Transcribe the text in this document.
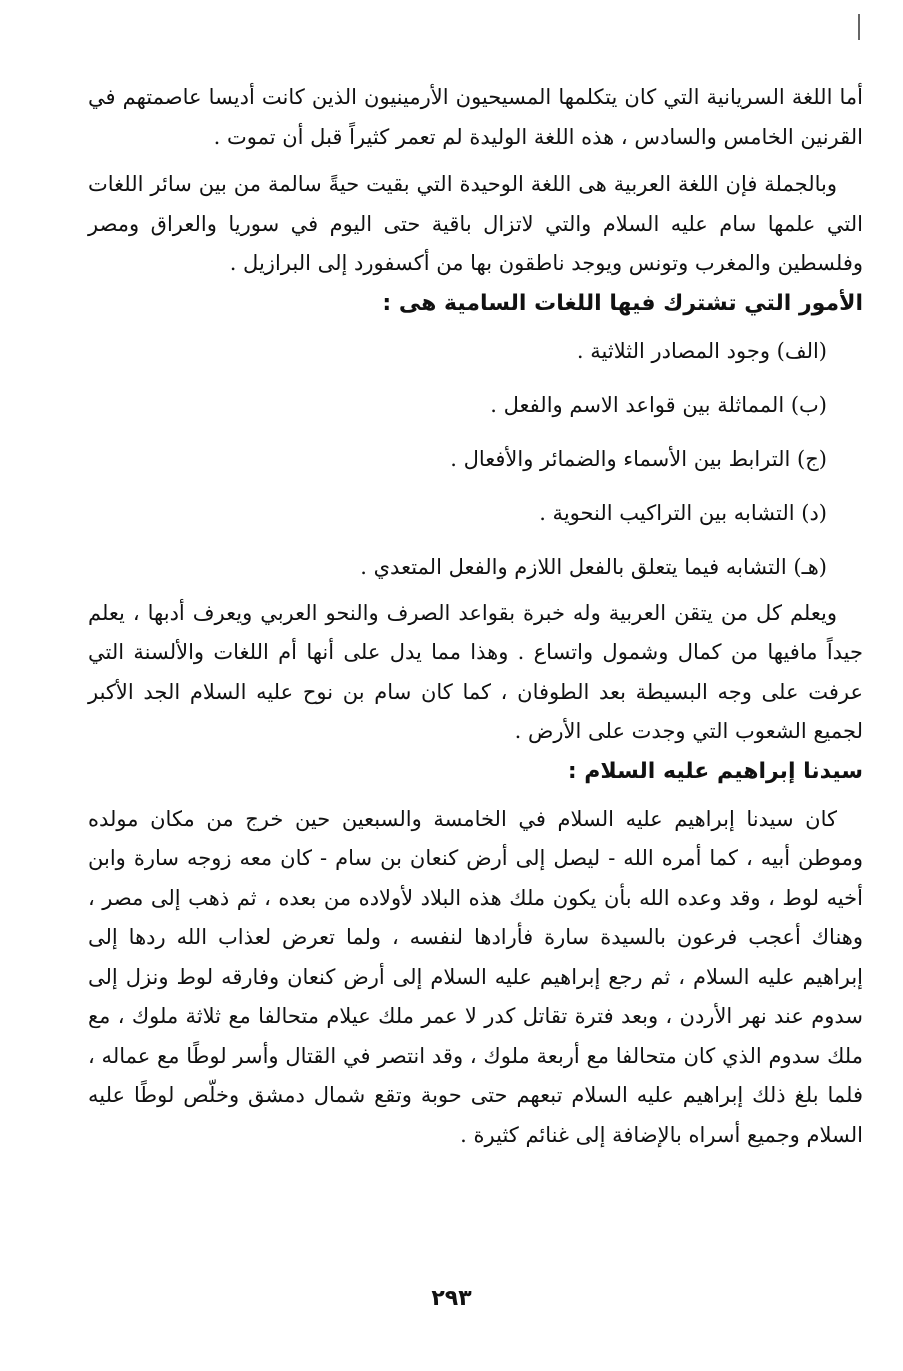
أما اللغة السريانية التي كان يتكلمها المسيحيون الأرمينيون الذين كانت أديسا عاصمتهم في القرنين الخامس والسادس ، هذه اللغة الوليدة لم تعمر كثيراً قبل أن تموت .

وبالجملة فإن اللغة العربية هى اللغة الوحيدة التي بقيت حيةً سالمة من بين سائر اللغات التي علمها سام عليه السلام والتي لاتزال باقية حتى اليوم في سوريا والعراق ومصر وفلسطين والمغرب وتونس ويوجد ناطقون بها من أكسفورد إلى البرازيل .

الأمور التي تشترك فيها اللغات السامية هى :
(الف) وجود المصادر الثلاثية .
(ب) المماثلة بين قواعد الاسم والفعل .
(ج) الترابط بين الأسماء والضمائر والأفعال .
(د) التشابه بين التراكيب النحوية .
(هـ) التشابه فيما يتعلق بالفعل اللازم والفعل المتعدي .

ويعلم كل من يتقن العربية وله خبرة بقواعد الصرف والنحو العربي ويعرف أدبها ، يعلم جيداً مافيها من كمال وشمول واتساع . وهذا مما يدل على أنها أم اللغات والألسنة التي عرفت على وجه البسيطة بعد الطوفان ، كما كان سام بن نوح عليه السلام الجد الأكبر لجميع الشعوب التي وجدت على الأرض .

سيدنا إبراهيم عليه السلام :

كان سيدنا إبراهيم عليه السلام في الخامسة والسبعين حين خرج من مكان مولده وموطن أبيه ، كما أمره الله - ليصل إلى أرض كنعان بن سام - كان معه زوجه سارة وابن أخيه لوط ، وقد وعده الله بأن يكون ملك هذه البلاد لأولاده من بعده ، ثم ذهب إلى مصر ، وهناك أعجب فرعون بالسيدة سارة فأرادها لنفسه ، ولما تعرض لعذاب الله ردها إلى إبراهيم عليه السلام ، ثم رجع إبراهيم عليه السلام إلى أرض كنعان وفارقه لوط ونزل إلى سدوم عند نهر الأردن ، وبعد فترة تقاتل كدر لا عمر ملك عيلام متحالفا مع ثلاثة ملوك ، مع ملك سدوم الذي كان متحالفا مع أربعة ملوك ، وقد انتصر في القتال وأسر لوطًا مع عماله ، فلما بلغ ذلك إبراهيم عليه السلام تبعهم حتى حوبة وتقع شمال دمشق وخلّص لوطًا عليه السلام وجميع أسراه بالإضافة إلى غنائم كثيرة .

٢٩٣
